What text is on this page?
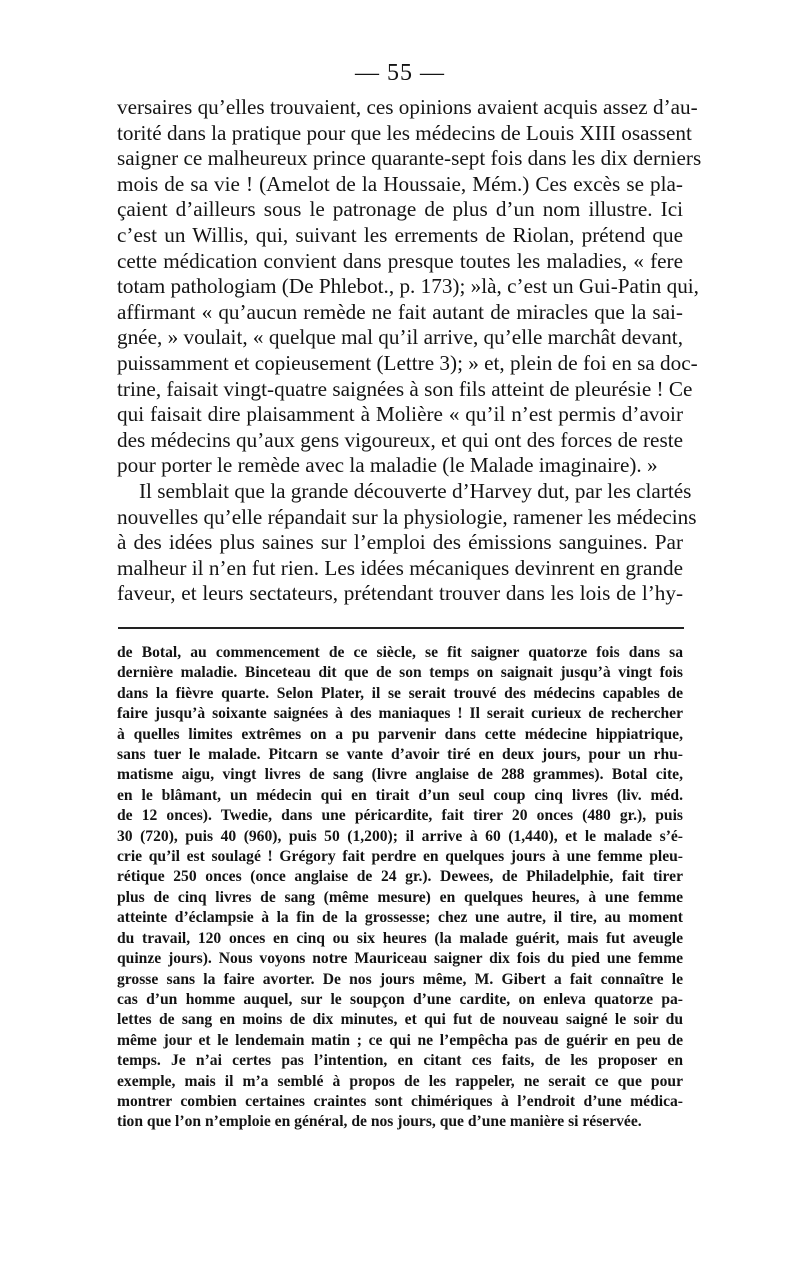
— 55 —

versaires qu’elles trouvaient, ces opinions avaient acquis assez d’au-
torité dans la pratique pour que les médecins de Louis XIII osassent
saigner ce malheureux prince quarante-sept fois dans les dix derniers
mois de sa vie ! (Amelot de la Houssaie, Mém.) Ces excès se pla-
çaient d’ailleurs sous le patronage de plus d’un nom illustre. Ici
c’est un Willis, qui, suivant les errements de Riolan, prétend que
cette médication convient dans presque toutes les maladies, « fere
totam pathologiam (De Phlebot., p. 173); »là, c’est un Gui-Patin qui,
affirmant « qu’aucun remède ne fait autant de miracles que la sai-
gnée, » voulait, « quelque mal qu’il arrive, qu’elle marchât devant,
puissamment et copieusement (Lettre 3); » et, plein de foi en sa doc-
trine, faisait vingt-quatre saignées à son fils atteint de pleurésie ! Ce
qui faisait dire plaisamment à Molière « qu’il n’est permis d’avoir
des médecins qu’aux gens vigoureux, et qui ont des forces de reste
pour porter le remède avec la maladie (le Malade imaginaire). »

Il semblait que la grande découverte d’Harvey dut, par les clartés
nouvelles qu’elle répandait sur la physiologie, ramener les médecins
à des idées plus saines sur l’emploi des émissions sanguines. Par
malheur il n’en fut rien. Les idées mécaniques devinrent en grande
faveur, et leurs sectateurs, prétendant trouver dans les lois de l’hy-

de Botal, au commencement de ce siècle, se fit saigner quatorze fois dans sa
dernière maladie. Binceteau dit que de son temps on saignait jusqu’à vingt fois
dans la fièvre quarte. Selon Plater, il se serait trouvé des médecins capables de
faire jusqu’à soixante saignées à des maniaques ! Il serait curieux de rechercher
à quelles limites extrêmes on a pu parvenir dans cette médecine hippiatrique,
sans tuer le malade. Pitcarn se vante d’avoir tiré en deux jours, pour un rhu-
matisme aigu, vingt livres de sang (livre anglaise de 288 grammes). Botal cite,
en le blâmant, un médecin qui en tirait d’un seul coup cinq livres (liv. méd.
de 12 onces). Twedie, dans une péricardite, fait tirer 20 onces (480 gr.), puis
30 (720), puis 40 (960), puis 50 (1,200); il arrive à 60 (1,440), et le malade s’é-
crie qu’il est soulagé ! Grégory fait perdre en quelques jours à une femme pleu-
rétique 250 onces (once anglaise de 24 gr.). Dewees, de Philadelphie, fait tirer
plus de cinq livres de sang (même mesure) en quelques heures, à une femme
atteinte d’éclampsie à la fin de la grossesse; chez une autre, il tire, au moment
du travail, 120 onces en cinq ou six heures (la malade guérit, mais fut aveugle
quinze jours). Nous voyons notre Mauriceau saigner dix fois du pied une femme
grosse sans la faire avorter. De nos jours même, M. Gibert a fait connaître le
cas d’un homme auquel, sur le soupçon d’une cardite, on enleva quatorze pa-
lettes de sang en moins de dix minutes, et qui fut de nouveau saigné le soir du
même jour et le lendemain matin ; ce qui ne l’empêcha pas de guérir en peu de
temps. Je n’ai certes pas l’intention, en citant ces faits, de les proposer en
exemple, mais il m’a semblé à propos de les rappeler, ne serait ce que pour
montrer combien certaines craintes sont chimériques à l’endroit d’une médica-
tion que l’on n’emploie en général, de nos jours, que d’une manière si réservée.
